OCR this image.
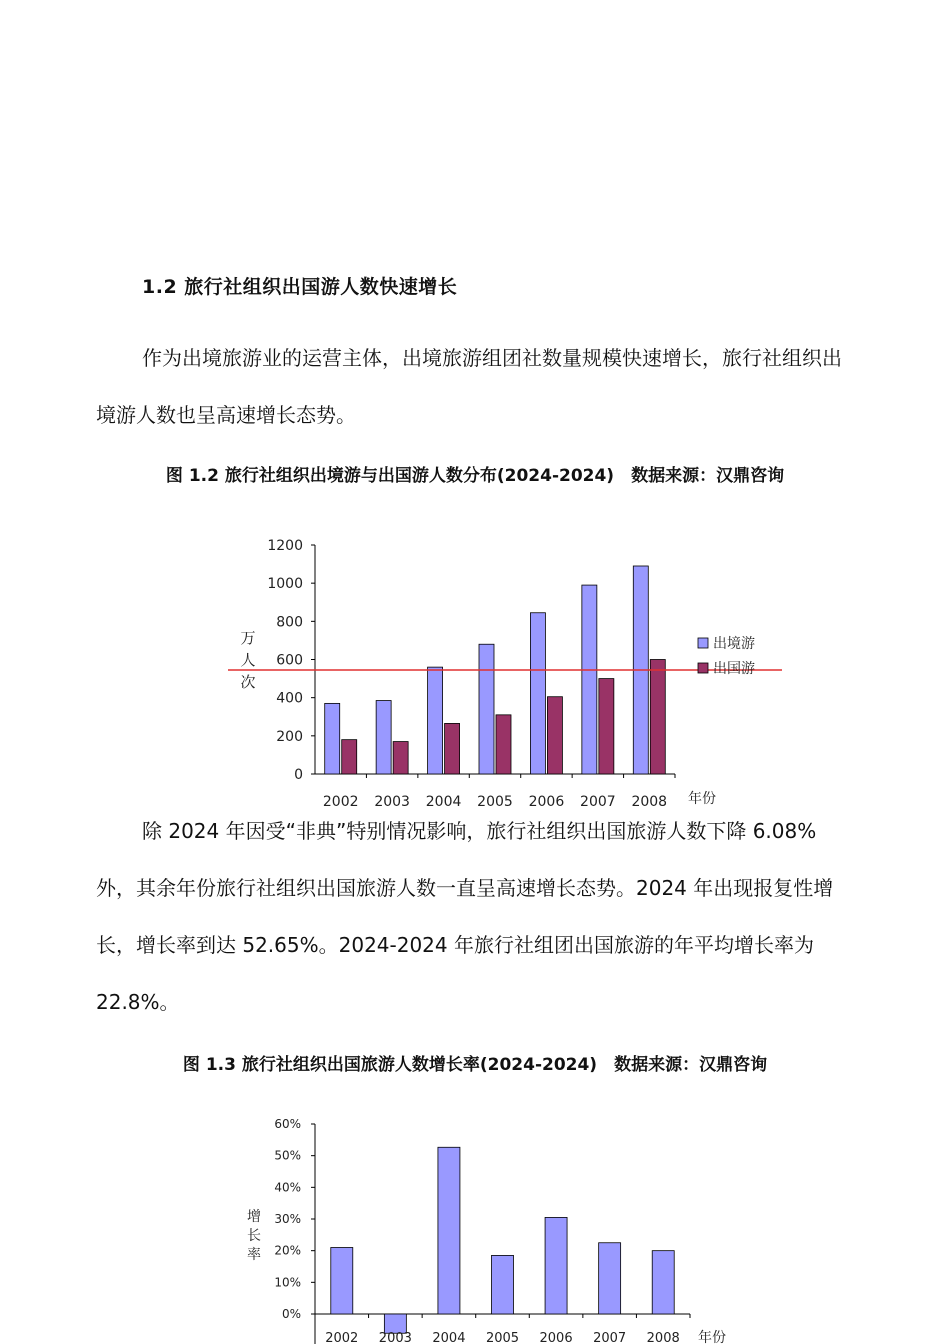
1.2 旅行社组织出国游人数快速增长

作为出境旅游业的运营主体，出境旅游组团社数量规模快速增长，旅行社组织出境游人数也呈高速增长态势。

图 1.2 旅行社组织出境游与出国游人数分布(2024-2024)　数据来源：汉鼎咨询
0
200
400
600
800
1000
1200
2002 2003 2004 2005 2006 2007 2008
万
人
次
年份
出境游
出国游

除 2024 年因受“非典”特别情况影响，旅行社组织出国旅游人数下降 6.08%外，其余年份旅行社组织出国旅游人数一直呈高速增长态势。2024 年出现报复性增长，增长率到达 52.65%。2024-2024 年旅行社组团出国旅游的年平均增长率为 22.8%。

图 1.3 旅行社组织出国旅游人数增长率(2024-2024)　数据来源：汉鼎咨询
0%
10%
20%
30%
40%
50%
60%
2002 2003 2004 2005 2006 2007 2008
增
长
率
年份
